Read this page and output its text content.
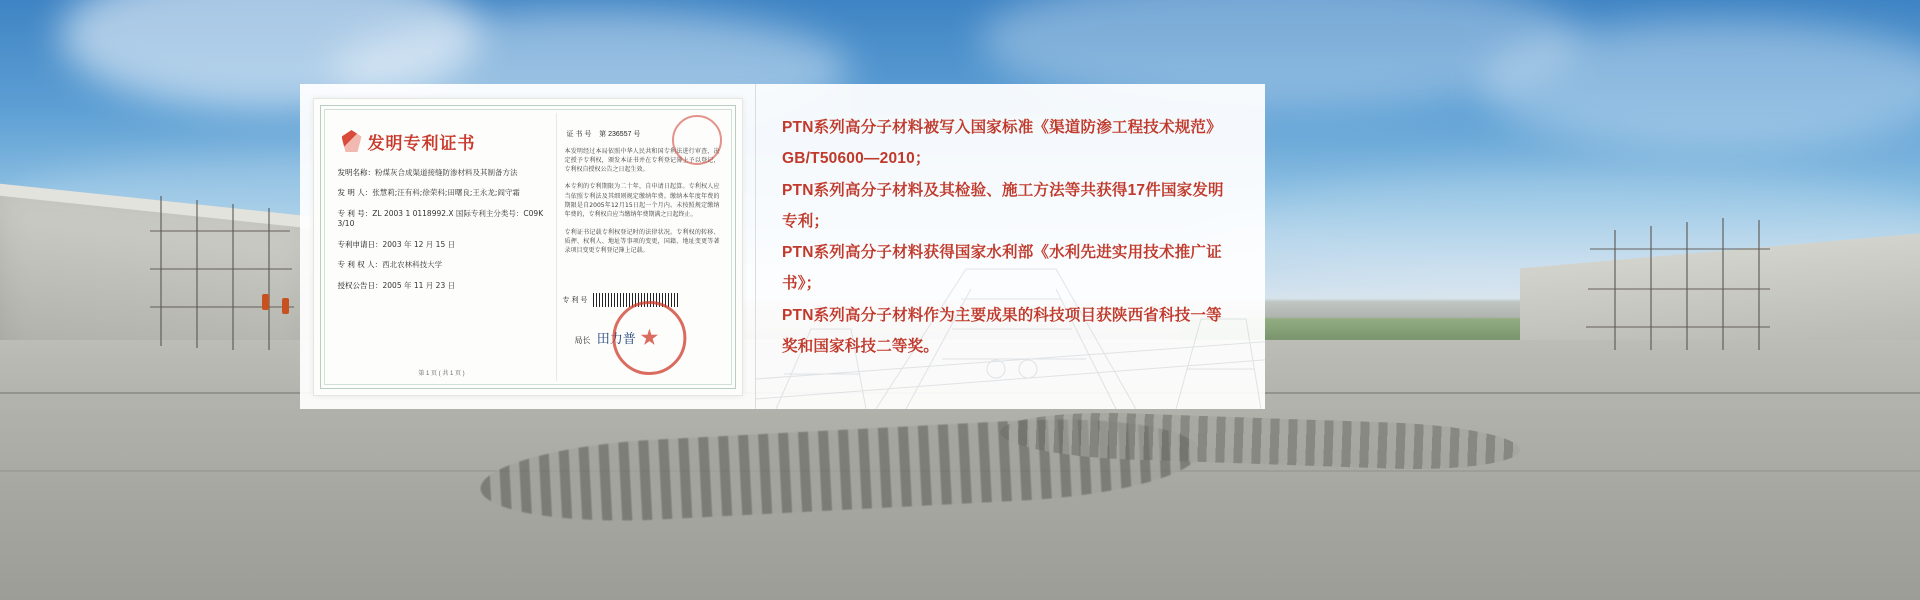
发明专利证书
发明名称：粉煤灰合成渠道接缝防渗材料及其制备方法
发 明 人：张慧莉;汪有科;徐荣科;田曙良;王永龙;阎守霜
专 利 号：ZL 2003 1 0118992.X 国际专利主分类号：C09K 3/10
专利申请日：2003 年 12 月 15 日
专 利 权 人：西北农林科技大学
授权公告日：2005 年 11 月 23 日
第 1 页 ( 共 1 页 )
证 书 号 第 236557 号
本发明经过本局依照中华人民共和国专利法进行审查，决定授予专利权，颁发本证书并在专利登记簿上予以登记，专利权自授权公告之日起生效。
本专利的专利期限为二十年，自申请日起算。专利权人应当依照专利法及其细则规定缴纳年费。缴纳本年度年费的期限是自2005年12月15日起一个月内。未按照规定缴纳年费的，专利权自应当缴纳年费期满之日起终止。
专利证书记载专利权登记时的法律状况。专利权的转移、质押、权利人、地址等事项的变更，国籍、地址变更等著录项目变更专利登记簿上记载。
专 利 号
局长 田力普
PTN系列高分子材料被写入国家标准《渠道防渗工程技术规范》GB/T50600—2010；
PTN系列高分子材料及其检验、施工方法等共获得17件国家发明专利；
PTN系列高分子材料获得国家水利部《水利先进实用技术推广证书》；
PTN系列高分子材料作为主要成果的科技项目获陕西省科技一等奖和国家科技二等奖。
